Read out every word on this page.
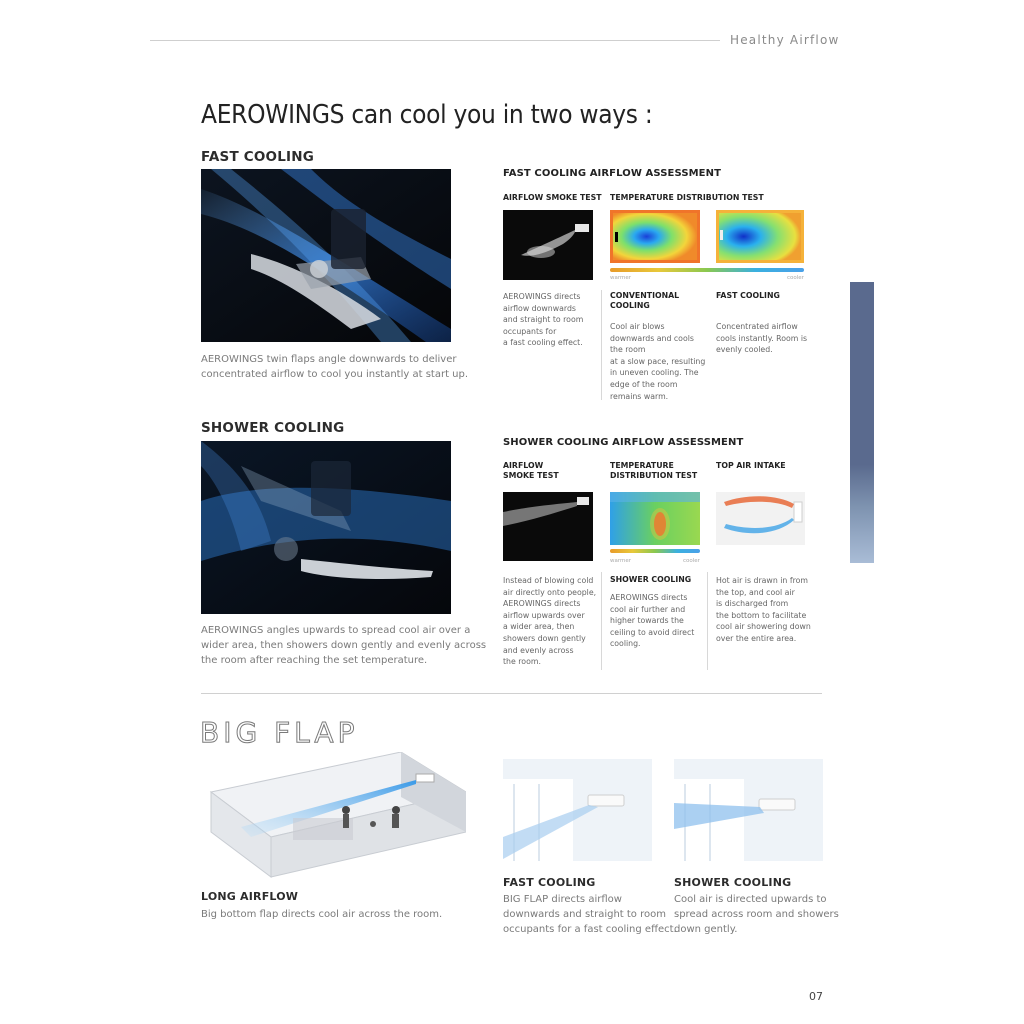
Healthy Airflow
AEROWINGS can cool you in two ways :
FAST COOLING
AEROWINGS twin flaps angle downwards to deliver
concentrated airflow to cool you instantly at start up.
FAST COOLING AIRFLOW ASSESSMENT
AIRFLOW SMOKE TEST TEMPERATURE DISTRIBUTION TEST
warmer	cooler
AEROWINGS directs
airflow downwards
and straight to room
occupants for
a fast cooling effect.
CONVENTIONAL
COOLING
Cool air blows
downwards and cools
the room
at a slow pace, resulting
in uneven cooling. The
edge of the room
remains warm.
FAST COOLING
Concentrated airflow
cools instantly. Room is
evenly cooled.
SHOWER COOLING
AEROWINGS angles upwards to spread cool air over a
wider area, then showers down gently and evenly across
the room after reaching the set temperature.
SHOWER COOLING AIRFLOW ASSESSMENT
AIRFLOW
SMOKE TEST
TEMPERATURE
DISTRIBUTION TEST
TOP AIR INTAKE
warmer	cooler
Instead of blowing cold
air directly onto people,
AEROWINGS directs
airflow upwards over
a wider area, then
showers down gently
and evenly across
the room.
SHOWER COOLING
AEROWINGS directs
cool air further and
higher towards the
ceiling to avoid direct
cooling.
Hot air is drawn in from
the top, and cool air
is discharged from
the bottom to facilitate
cool air showering down
over the entire area.
BIG FLAP
LONG AIRFLOW
Big bottom flap directs cool air across the room.
FAST COOLING
BIG FLAP directs airflow
downwards and straight to room
occupants for a fast cooling effect.
SHOWER COOLING
Cool air is directed upwards to
spread across room and showers
down gently.
07
